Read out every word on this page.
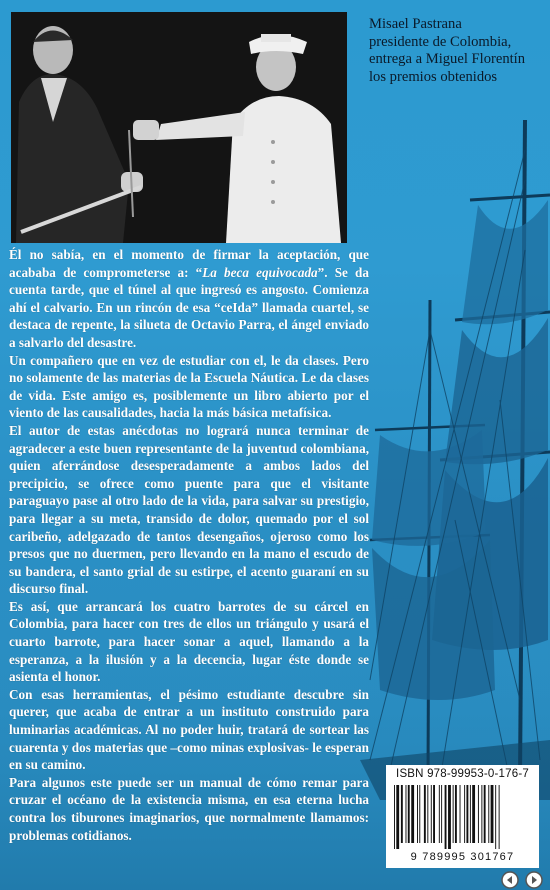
Misael Pastrana
presidente de Colombia,
entrega a Miguel Florentín
los premios obtenidos

Él no sabía, en el momento de firmar la aceptación, que acababa de comprometerse a: “La beca equivocada”. Se da cuenta tarde, que el túnel al que ingresó es angosto. Comienza ahí el calvario. En un rincón de esa “ceIda” llamada cuartel, se destaca de repente, la silueta de Octavio Parra, el ángel enviado a salvarlo del desastre.

Un compañero que en vez de estudiar con el, le da clases. Pero no solamente de las materias de la Escuela Náutica. Le da clases de vida. Este amigo es, posiblemente un libro abierto por el viento de las causalidades, hacia la más básica metafísica.

El autor de estas anécdotas no logrará nunca terminar de agradecer a este buen representante de la juventud colombiana, quien aferrándose desesperadamente a ambos lados del precipicio, se ofrece como puente para que el visitante paraguayo pase al otro lado de la vida, para salvar su prestigio, para llegar a su meta, transido de dolor, quemado por el sol caribeño, adelgazado de tantos desengaños, ojeroso como los presos que no duermen, pero llevando en la mano el escudo de su bandera, el santo grial de su estirpe, el acento guaraní en su discurso final.

Es así, que arrancará los cuatro barrotes de su cárcel en Colombia, para hacer con tres de ellos un triángulo y usará el cuarto barrote, para hacer sonar a aquel, llamando a la esperanza, a la ilusión y a la decencia, lugar éste donde se asienta el honor.

Con esas herramientas, el pésimo estudiante descubre sin querer, que acaba de entrar a un instituto construido para luminarias académicas. Al no poder huir, tratará de sortear las cuarenta y dos materias que –como minas explosivas- le esperan en su camino.

Para algunos este puede ser un manual de cómo remar para cruzar el océano de la existencia misma, en esa eterna lucha contra los tiburones imaginarios, que normalmente llamamos: problemas cotidianos.

ISBN 978-99953-0-176-7
9 789995 301767
